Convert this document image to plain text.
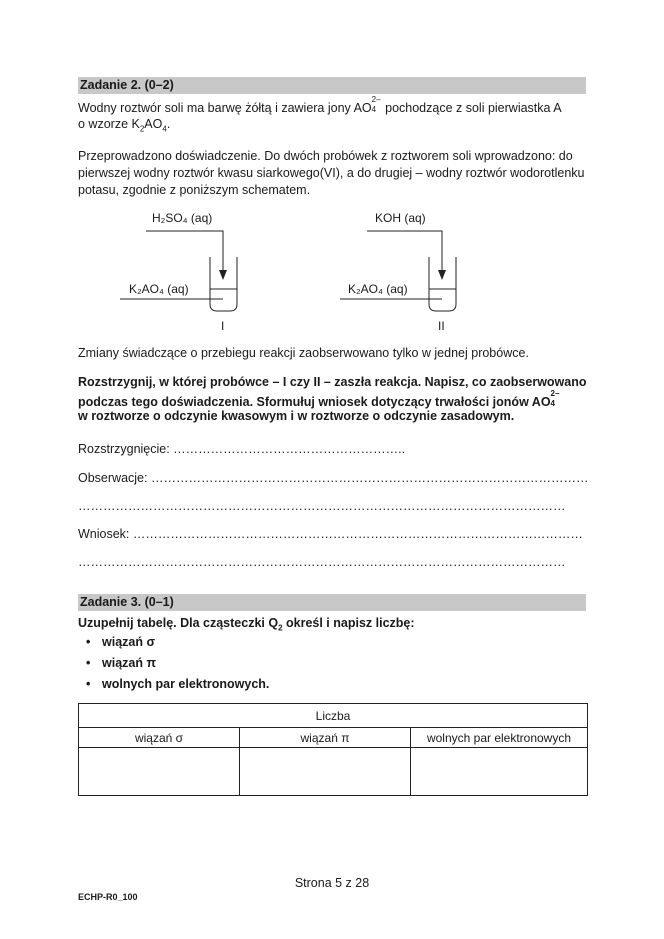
Zadanie 2. (0–2)
Wodny roztwór soli ma barwę żółtą i zawiera jony AO
2–
4 pochodzące z soli pierwiastka A
o wzorze $K_2AO_4$.
Przeprowadzono doświadczenie. Do dwóch probówek z roztworem soli wprowadzono: do
pierwszej wodny roztwór kwasu siarkowego(VI), a do drugiej – wodny roztwór wodorotlenku
potasu, zgodnie z poniższym schematem.
H₂SO₄ (aq)
K₂AO₄ (aq)
I
KOH (aq)
K₂AO₄ (aq)
II
Zmiany świadczące o przebiegu reakcji zaobserwowano tylko w jednej probówce.
Rozstrzygnij, w której probówce – I czy II – zaszła reakcja. Napisz, co zaobserwowano
podczas tego doświadczenia. Sformułuj wniosek dotyczący trwałości jonów AO
2–
4
w roztworze o odczynie kwasowym i w roztworze o odczynie zasadowym.
Rozstrzygnięcie: ………………………………………………..
Obserwacje: ……………………………………………………………………………………………
………………………………………………………………………………………………………
Wniosek: ………………………………………………………………………………………………
………………………………………………………………………………………………………
Zadanie 3. (0–1)
Uzupełnij tabelę. Dla cząsteczki $Q_2$ określ i napisz liczbę:
• wiązań σ
• wiązań π
• wolnych par elektronowych.
Liczba		
wiązań σ	wiązań π	wolnych par elektronowych

Strona 5 z 28
ECHP-R0_100
